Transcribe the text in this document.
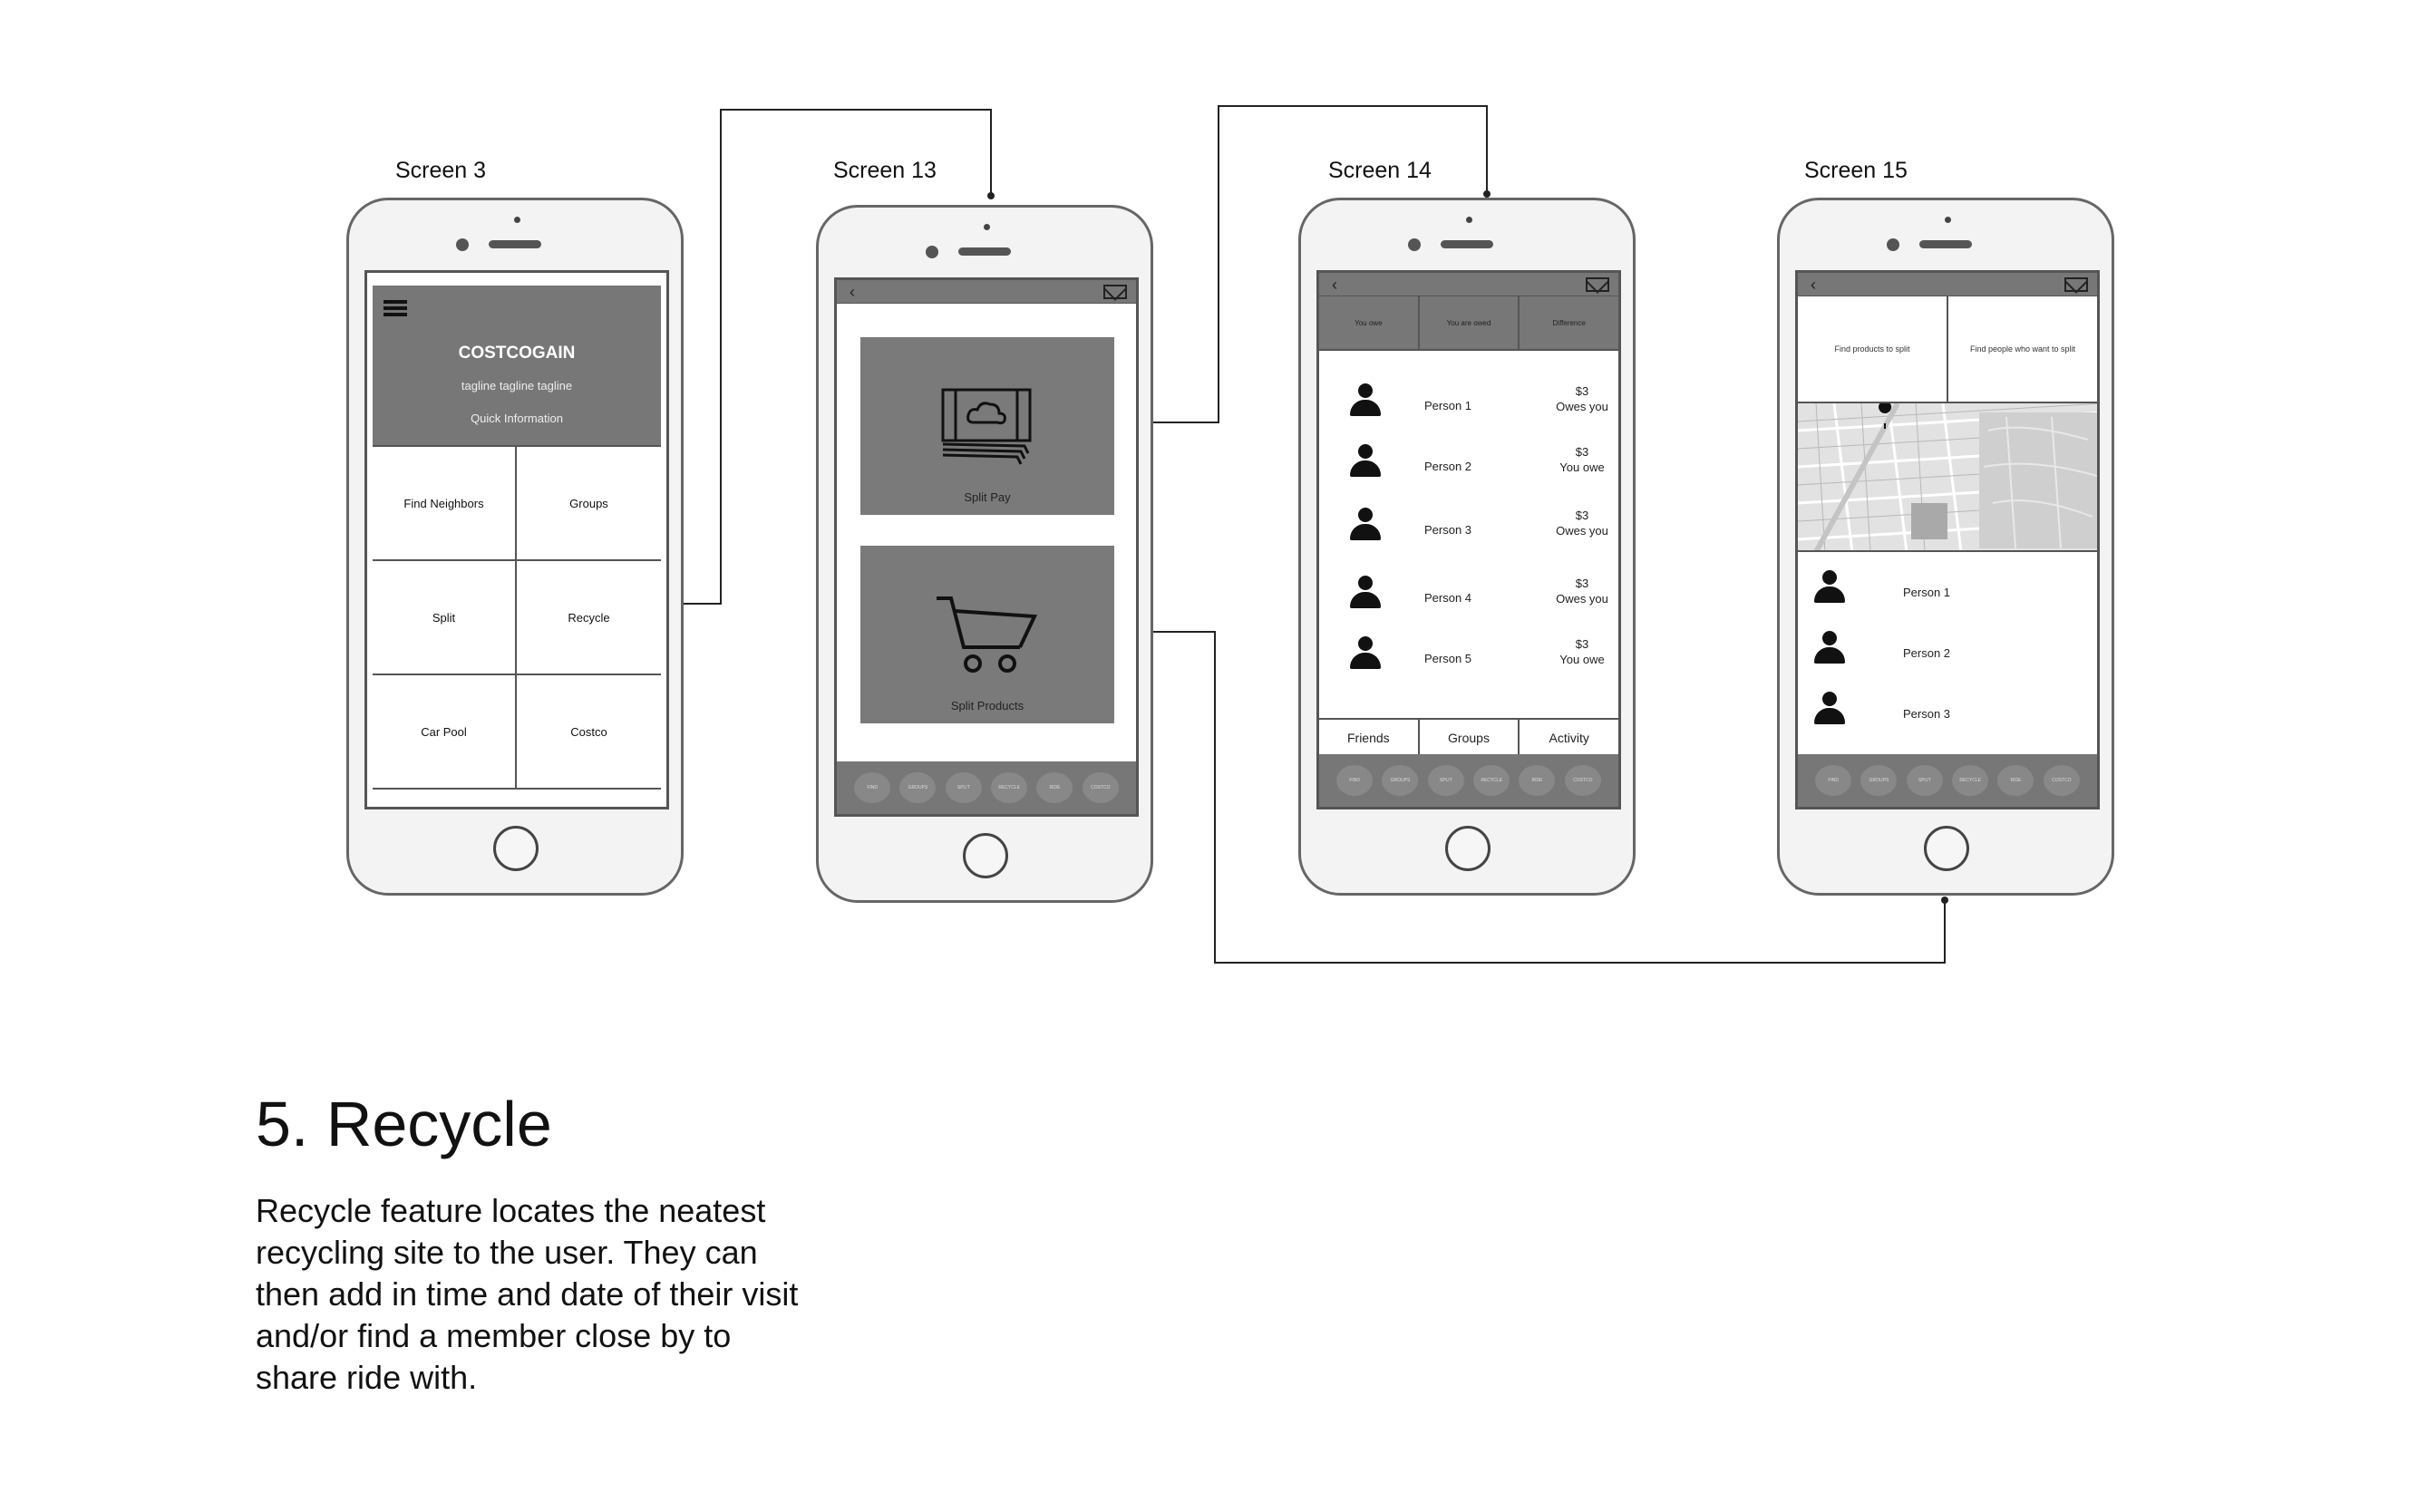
Screen 3
COSTCOGAIN
tagline tagline tagline
Quick Information
Find Neighbors	Groups
Split	Recycle
Car Pool	Costco
Screen 13
‹
Split Pay
Split Products
FIND	GROUPS	SPLIT	RECYCLE	RIDE	COSTCO
Screen 14
‹
You owe	You are owed	Difference
Person 1
$3
Owes you
Person 2
$3
You owe
Person 3
$3
Owes you
Person 4
$3
Owes you
Person 5
$3
You owe
Friends	Groups	Activity
FIND	GROUPS	SPLIT	RECYCLE	RIDE	COSTCO
Screen 15
‹
Find products to split	Find people who want to split
Person 1
Person 2
Person 3
FIND	GROUPS	SPLIT	RECYCLE	RIDE	COSTCO
5. Recycle
Recycle feature locates the neatest
recycling site to the user. They can
then add in time and date of their visit
and/or find a member close by to
share ride with.
